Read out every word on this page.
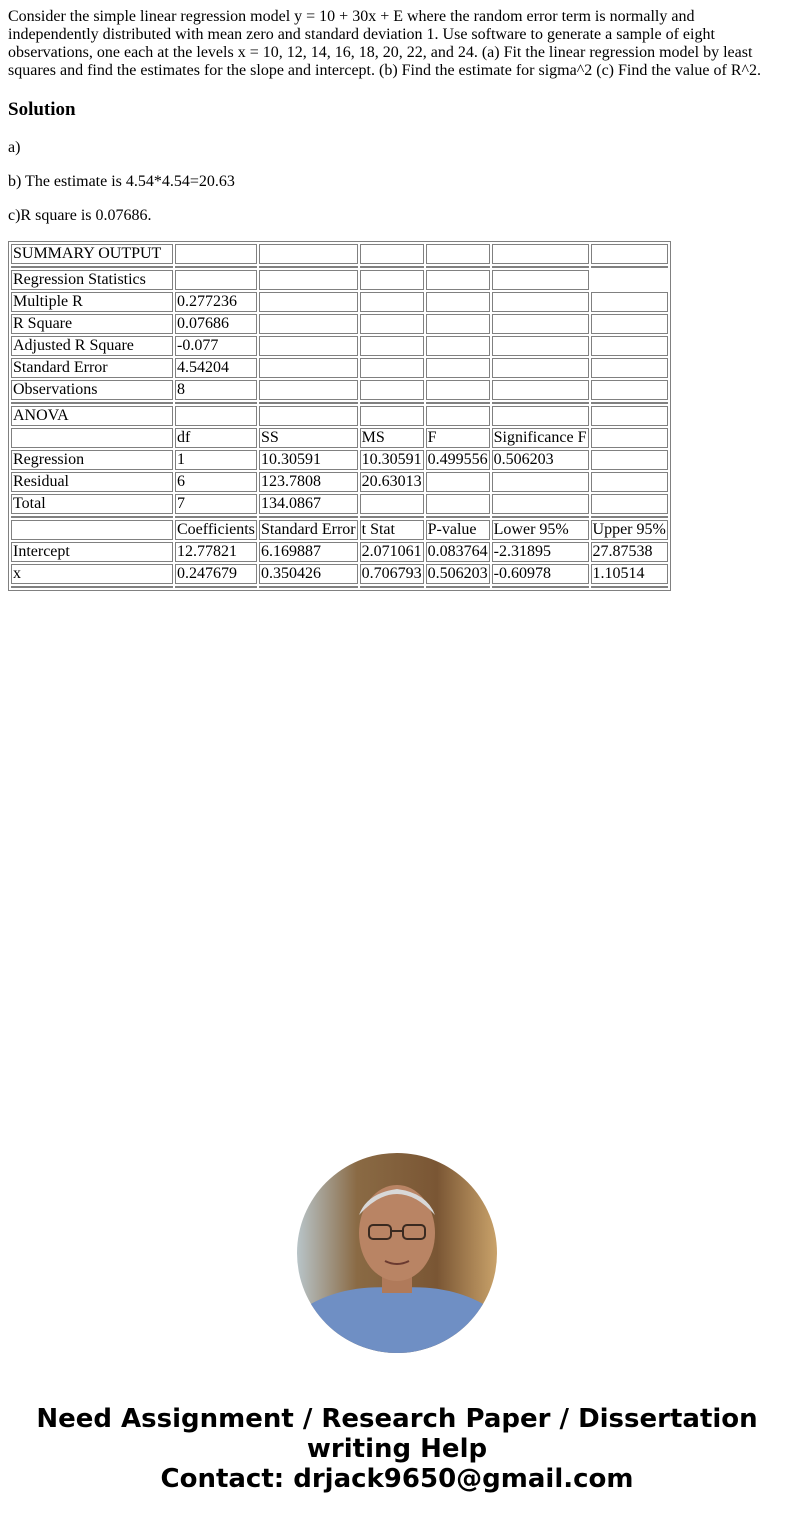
Consider the simple linear regression model y = 10 + 30x + E where the random error term is normally and independently distributed with mean zero and standard deviation 1. Use software to generate a sample of eight observations, one each at the levels x = 10, 12, 14, 16, 18, 20, 22, and 24. (a) Fit the linear regression model by least squares and find the estimates for the slope and intercept. (b) Find the estimate for sigma^2 (c) Find the value of R^2.

Solution

a)

b) The estimate is 4.54*4.54=20.63

c)R square is 0.07686.

SUMMARY OUTPUT						

Regression Statistics						
Multiple R	0.277236					
R Square	0.07686					
Adjusted R Square	-0.077					
Standard Error	4.54204					
Observations	8					

ANOVA						
	df	SS	MS	F	Significance F	
Regression	1	10.30591	10.30591	0.499556	0.506203	
Residual	6	123.7808	20.63013			
Total	7	134.0867				

	Coefficients	Standard Error	t Stat	P-value	Lower 95%	Upper 95%
Intercept	12.77821	6.169887	2.071061	0.083764	-2.31895	27.87538
x	0.247679	0.350426	0.706793	0.506203	-0.60978	1.10514

Need Assignment / Research Paper / Dissertation
writing Help
Contact: drjack9650@gmail.com
